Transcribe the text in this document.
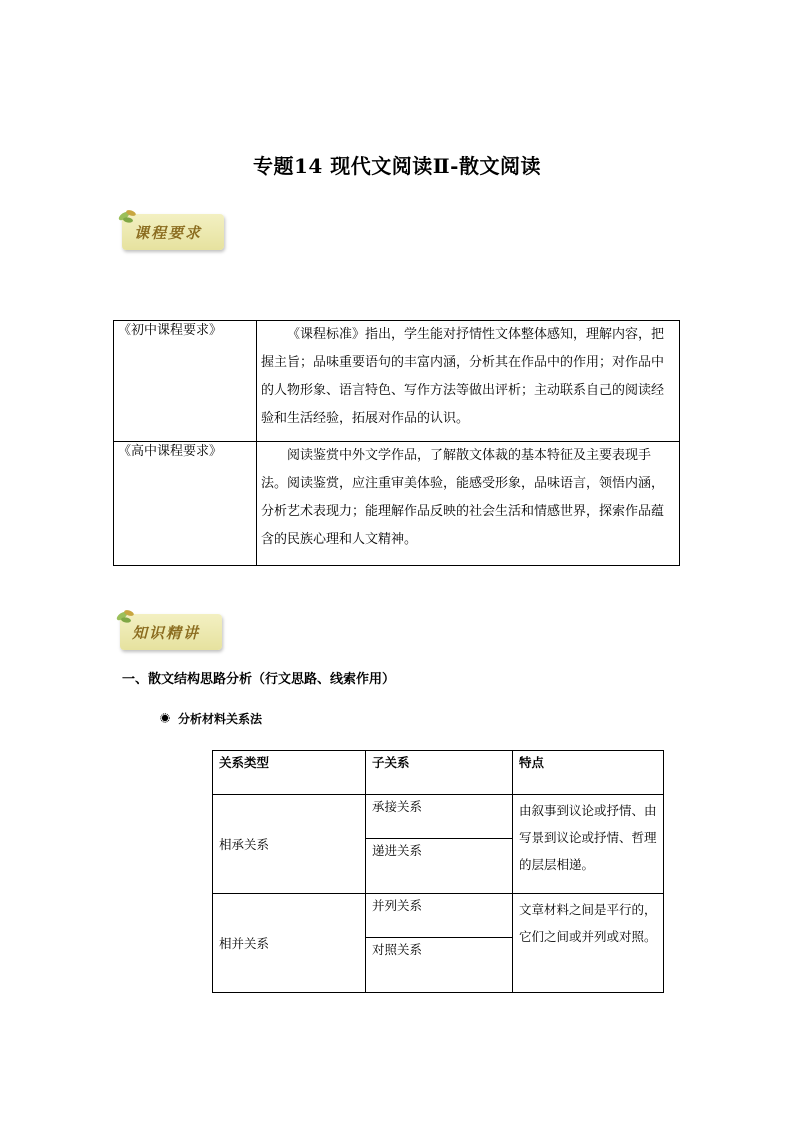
专题14 现代文阅读Ⅱ-散文阅读
课程要求
《初中课程要求》	《课程标准》指出，学生能对抒情性文体整体感知，理解内容，把握主旨；品味重要语句的丰富内涵，分析其在作品中的作用；对作品中的人物形象、语言特色、写作方法等做出评析；主动联系自己的阅读经验和生活经验，拓展对作品的认识。
《高中课程要求》	阅读鉴赏中外文学作品，了解散文体裁的基本特征及主要表现手法。阅读鉴赏，应注重审美体验，能感受形象，品味语言，领悟内涵，分析艺术表现力；能理解作品反映的社会生活和情感世界，探索作品蕴含的民族心理和人文精神。
知识精讲
一、散文结构思路分析（行文思路、线索作用）
分析材料关系法
关系类型	子关系	特点
相承关系	承接关系	由叙事到议论或抒情、由写景到议论或抒情、哲理的层层相递。
	递进关系	
相并关系	并列关系	文章材料之间是平行的，它们之间或并列或对照。
	对照关系	
